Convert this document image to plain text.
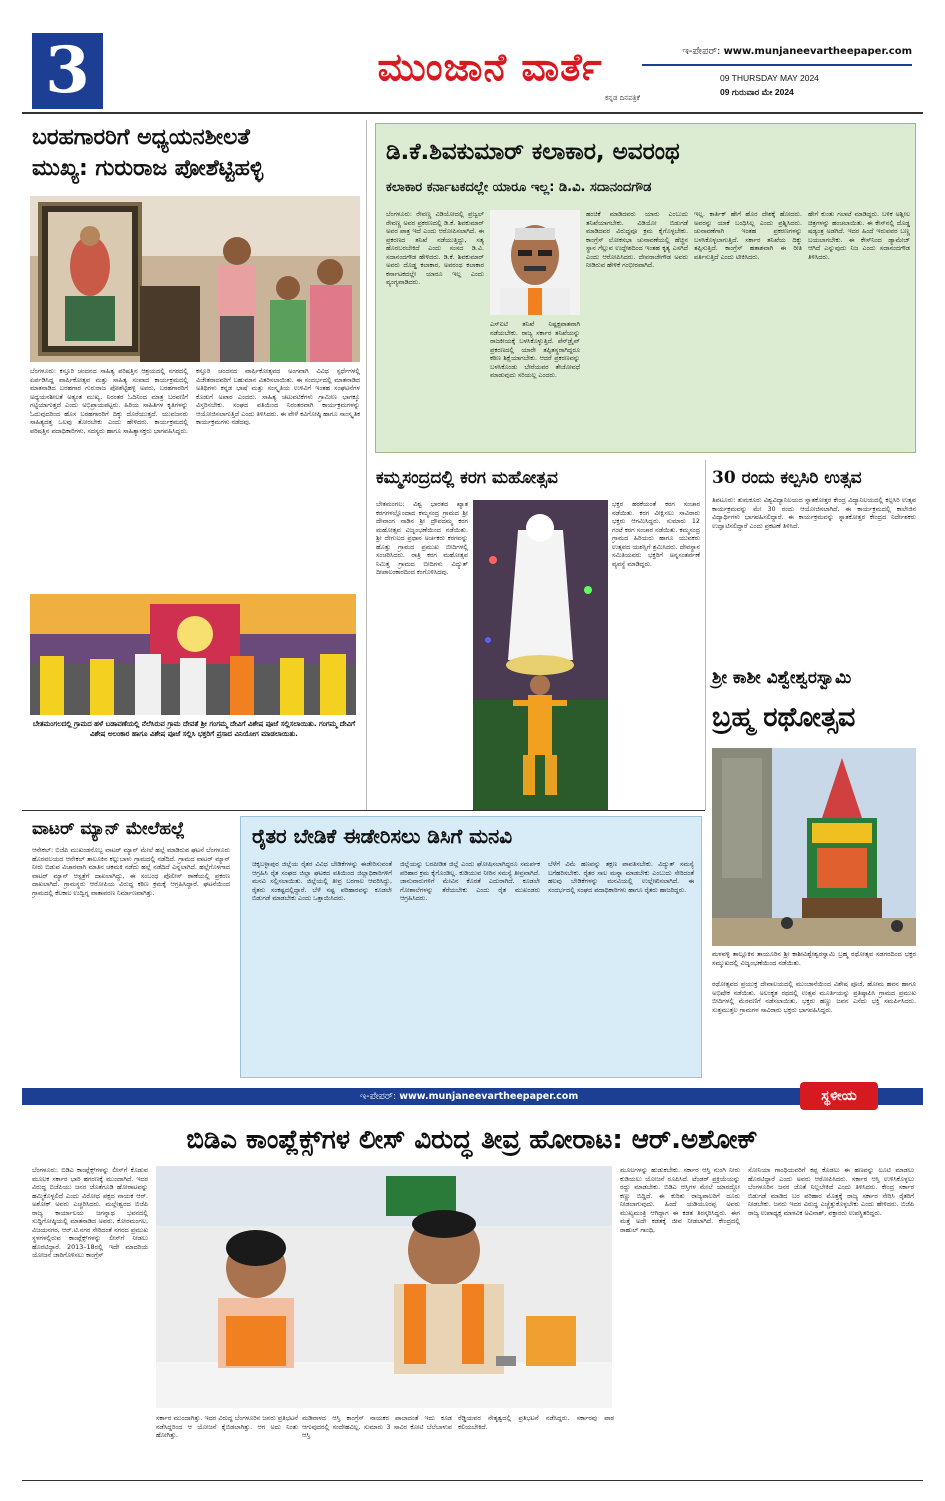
3	ಮುಂಜಾನೆ ವಾರ್ತೆ
ಕನ್ನಡ ದಿನಪತ್ರಿಕೆ
ಇ-ಪೇಪರ್: www.munjaneevartheepaper.com
09 THURSDAY MAY 2024
09 ಗುರುವಾರ ಮೇ 2024
ಬರಹಗಾರರಿಗೆ ಅಧ್ಯಯನಶೀಲತೆ
ಮುಖ್ಯ: ಗುರುರಾಜ ಪೋಶೆಟ್ಟಿಹಳ್ಳಿ
ಬೆಂಗಳೂರು: ಕಸ್ತೂರಿ ಚಂದನದ ಸಾಹಿತ್ಯ ಪರಿಷತ್ತಿನ ಆಶ್ರಯದಲ್ಲಿ ನಗರದಲ್ಲಿ ಏರ್ಪಡಿಸಿದ್ದ ವಾರ್ಷಿಕೋತ್ಸವ ಮತ್ತು ಸಾಹಿತ್ಯ ಸಂವಾದ ಕಾರ್ಯಕ್ರಮದಲ್ಲಿ ಮಾತನಾಡಿದ ಬರಹಗಾರ ಗುರುರಾಜ ಪೋಶೆಟ್ಟಿಹಳ್ಳಿ ಅವರು, ಬರಹಗಾರರಿಗೆ ಅಧ್ಯಯನಶೀಲತೆ ಅತ್ಯಂತ ಮುಖ್ಯ. ನಿರಂತರ ಓದಿನಿಂದ ಮಾತ್ರ ಬರವಣಿಗೆ ಗಟ್ಟಿಯಾಗುತ್ತದೆ ಎಂದು ಅಭಿಪ್ರಾಯಪಟ್ಟರು. ಹಿರಿಯ ಸಾಹಿತಿಗಳ ಕೃತಿಗಳನ್ನು ಓದುವುದರಿಂದ ಹೊಸ ಬರಹಗಾರರಿಗೆ ದಿಕ್ಕು ದೊರೆಯುತ್ತದೆ. ಯುವಜನರು ಸಾಹಿತ್ಯದತ್ತ ಒಲವು ತೋರಬೇಕು ಎಂದು ಹೇಳಿದರು. ಕಾರ್ಯಕ್ರಮದಲ್ಲಿ ಪರಿಷತ್ತಿನ ಪದಾಧಿಕಾರಿಗಳು, ಸದಸ್ಯರು ಹಾಗೂ ಸಾಹಿತ್ಯಾಸಕ್ತರು ಭಾಗವಹಿಸಿದ್ದರು.
ಕಸ್ತೂರಿ ಚಂದನದ ವಾರ್ಷಿಕೋತ್ಸವದ ಅಂಗವಾಗಿ ವಿವಿಧ ಸ್ಪರ್ಧೆಗಳಲ್ಲಿ ವಿಜೇತರಾದವರಿಗೆ ಬಹುಮಾನ ವಿತರಿಸಲಾಯಿತು. ಈ ಸಂದರ್ಭದಲ್ಲಿ ಮಾತನಾಡಿದ ಅತಿಥಿಗಳು ಕನ್ನಡ ಭಾಷೆ ಮತ್ತು ಸಂಸ್ಕೃತಿಯ ಉಳಿವಿಗೆ ಇಂತಹ ಸಂಘಟನೆಗಳ ಕೊಡುಗೆ ಅಪಾರ ಎಂದರು. ಸಾಹಿತ್ಯ ಚಟುವಟಿಕೆಗಳು ಗ್ರಾಮೀಣ ಭಾಗಕ್ಕೂ ವಿಸ್ತರಿಸಬೇಕು. ಸಂಘದ ವತಿಯಿಂದ ನಿರಂತರವಾಗಿ ಕಾರ್ಯಕ್ರಮಗಳನ್ನು ಆಯೋಜಿಸಲಾಗುತ್ತಿದೆ ಎಂದು ತಿಳಿಸಿದರು. ಈ ವೇಳೆ ಕವಿಗೋಷ್ಠಿ ಹಾಗೂ ಸಾಂಸ್ಕೃತಿಕ ಕಾರ್ಯಕ್ರಮಗಳು ನಡೆದವು.
ಬೇತಮಂಗಲದಲ್ಲಿ ಗ್ರಾಮದ ಹಳೆ ಬಡಾವಣೆಯಲ್ಲಿ ನೆಲೆಸಿರುವ ಗ್ರಾಮ ದೇವತೆ ಶ್ರೀ ಗಂಗಮ್ಮ ದೇವಿಗೆ ವಿಶೇಷ ಪೂಜೆ ಸಲ್ಲಿಸಲಾಯಿತು. ಗಂಗಮ್ಮ ದೇವಿಗೆ ವಿಶೇಷ ಅಲಂಕಾರ ಹಾಗೂ ವಿಶೇಷ ಪೂಜೆ ಸಲ್ಲಿಸಿ ಭಕ್ತರಿಗೆ ಪ್ರಸಾದ ವಿನಿಯೋಗ ಮಾಡಲಾಯಿತು.
ಡಿ.ಕೆ.ಶಿವಕುಮಾರ್ ಕಲಾಕಾರ, ಅವರಂಥ
ಕಲಾಕಾರ ಕರ್ನಾಟಕದಲ್ಲೇ ಯಾರೂ ಇಲ್ಲ: ಡಿ.ವಿ. ಸದಾನಂದಗೌಡ
ಬೆಂಗಳೂರು: ರೇವಣ್ಣ ವಿಡಿಯೋದಲ್ಲಿ ಪ್ರಜ್ವಲ್ ರೇವಣ್ಣ ಅವರ ಪ್ರಕರಣದಲ್ಲಿ ಡಿ.ಕೆ. ಶಿವಕುಮಾರ್ ಅವರ ಪಾತ್ರ ಇದೆ ಎಂದು ಆರೋಪಿಸಲಾಗಿದೆ. ಈ ಪ್ರಕರಣದ ತನಿಖೆ ನಡೆಯುತ್ತಿದ್ದು, ಸತ್ಯ ಹೊರಬರಬೇಕಿದೆ ಎಂದು ಸಂಸದ ಡಿ.ವಿ. ಸದಾನಂದಗೌಡ ಹೇಳಿದರು. ಡಿ.ಕೆ. ಶಿವಕುಮಾರ್ ಅವರು ದೊಡ್ಡ ಕಲಾಕಾರ, ಅವರಂಥ ಕಲಾಕಾರ ಕರ್ನಾಟಕದಲ್ಲೇ ಯಾರೂ ಇಲ್ಲ ಎಂದು ವ್ಯಂಗ್ಯವಾಡಿದರು.
ಎಸ್‌ಐಟಿ ತನಿಖೆ ನಿಷ್ಪಕ್ಷಪಾತವಾಗಿ ನಡೆಯಬೇಕು. ರಾಜ್ಯ ಸರ್ಕಾರ ತನಿಖೆಯನ್ನು ರಾಜಕೀಯಕ್ಕೆ ಬಳಸಿಕೊಳ್ಳುತ್ತಿದೆ. ಪೆನ್‌ಡ್ರೈವ್ ಪ್ರಕರಣದಲ್ಲಿ ಯಾರೇ ತಪ್ಪಿತಸ್ಥರಾಗಿದ್ದರೂ ಕಠಿಣ ಶಿಕ್ಷೆಯಾಗಬೇಕು. ಆದರೆ ಪ್ರಕರಣವನ್ನು ಬಳಸಿಕೊಂಡು ಬೇರೆಯವರ ತೇಜೋವಧೆ ಮಾಡುವುದು ಸರಿಯಲ್ಲ ಎಂದರು.
ಹಂಚಿಕೆ ಮಾಡಿದವರು ಯಾರು ಎಂಬುದು ತನಿಖೆಯಾಗಬೇಕು. ವಿಡಿಯೋ ಬಿಡುಗಡೆ ಮಾಡಿದವರ ವಿರುದ್ಧವೂ ಕ್ರಮ ಕೈಗೊಳ್ಳಬೇಕು. ಕಾಂಗ್ರೆಸ್ ಲೋಕಸಭಾ ಚುನಾವಣೆಯಲ್ಲಿ ಹೆಚ್ಚಿನ ಸ್ಥಾನ ಗೆಲ್ಲುವ ಉದ್ದೇಶದಿಂದ ಇಂತಹ ಕೃತ್ಯ ಎಸಗಿದೆ ಎಂದು ಆರೋಪಿಸಿದರು. ದೇವರಾಜೇಗೌಡ ಅವರು ನೀಡಿರುವ ಹೇಳಿಕೆ ಗಂಭೀರವಾಗಿದೆ.
ಇಲ್ಲ. ಕಾರ್ತಿಕ್ ಹೇಗೆ ಹೊರ ದೇಶಕ್ಕೆ ಹೋದರು. ಅವರನ್ನು ಯಾಕೆ ಬಂಧಿಸಿಲ್ಲ ಎಂದು ಪ್ರಶ್ನಿಸಿದರು. ಚುನಾವಣೆಗಾಗಿ ಇಂತಹ ಪ್ರಕರಣಗಳನ್ನು ಬಳಸಿಕೊಳ್ಳಲಾಗುತ್ತಿದೆ. ಸರ್ಕಾರ ತನಿಖೆಯ ದಿಕ್ಕು ತಪ್ಪಿಸುತ್ತಿದೆ. ಕಾಂಗ್ರೆಸ್ ಹತಾಶವಾಗಿ ಈ ರೀತಿ ವರ್ತಿಸುತ್ತಿದೆ ಎಂದು ಟೀಕಿಸಿದರು.
ಹೇಗೆ ಕುಂತು ಗಲಾಟೆ ಮಾಡಿದ್ದರು. ಬಳಿಕ ಅಶ್ಲೀಲ ಚಿತ್ರಗಳನ್ನು ಹಂಚಲಾಯಿತು. ಈ ಕೇಸ್‌ನಲ್ಲಿ ದೊಡ್ಡ ಷಡ್ಯಂತ್ರ ಅಡಗಿದೆ. ಇದರ ಹಿಂದೆ ಇರುವವರ ಬಣ್ಣ ಬಯಲಾಗಬೇಕು. ಈ ಕೇಸ್‌ನಿಂದ ಡ್ಯಾಮೇಜ್ ಆಗಿದೆ ಎನ್ನುವುದು ನಿಜ ಎಂದು ಸದಾನಂದಗೌಡ ತಿಳಿಸಿದರು.
ಕಮ್ಮಸಂದ್ರದಲ್ಲಿ ಕರಗ ಮಹೋತ್ಸವ
ಬೇತಮಂಗಲ: ವಿಶ್ವ ಭಾರತದ ಖ್ಯಾತ ಕರಗಗಳಲ್ಲೊಂದಾದ ಕಮ್ಮಸಂದ್ರ ಗ್ರಾಮದ ಶ್ರೀ ದೇವಾಂಗ ನಾಡಿನ ಶ್ರೀ ದ್ರೌಪದಮ್ಮ ಕರಗ ಮಹೋತ್ಸವ ವಿಜೃಂಭಣೆಯಿಂದ ನಡೆಯಿತು. ಶ್ರೀ ದೇಗುಲದ ಪ್ರಧಾನ ಅರ್ಚಕರು ಕರಗವನ್ನು ಹೊತ್ತು ಗ್ರಾಮದ ಪ್ರಮುಖ ಬೀದಿಗಳಲ್ಲಿ ಸಂಚರಿಸಿದರು. ರಾತ್ರಿ ಕರಗ ಮಹೋತ್ಸವ ನಿಮಿತ್ತ ಗ್ರಾಮದ ಬೀದಿಗಳು ವಿದ್ಯುತ್ ದೀಪಾಲಂಕಾರದಿಂದ ಕಂಗೊಳಿಸಿದವು.
ಭಕ್ತರ ಹರಕೆಯಂತೆ ಕರಗ ಸಂಚಾರ ನಡೆಯಿತು. ಕರಗ ವೀಕ್ಷಿಸಲು ಸಾವಿರಾರು ಭಕ್ತರು ಆಗಮಿಸಿದ್ದರು. ಸುಮಾರು 12 ಗಂಟೆ ಕರಗ ಸಂಚಾರ ನಡೆಯಿತು. ಕಮ್ಮಸಂದ್ರ ಗ್ರಾಮದ ಹಿರಿಯರು ಹಾಗೂ ಯುವಕರು ಉತ್ಸವದ ಯಶಸ್ಸಿಗೆ ಶ್ರಮಿಸಿದರು. ದೇವಸ್ಥಾನ ಸಮಿತಿಯವರು ಭಕ್ತರಿಗೆ ಅನ್ನಸಂತರ್ಪಣೆ ವ್ಯವಸ್ಥೆ ಮಾಡಿದ್ದರು.
30 ರಂದು ಕಲ್ಪಸಿರಿ ಉತ್ಸವ
ತಿಪಟೂರು: ತುಮಕೂರು ವಿಶ್ವವಿದ್ಯಾನಿಲಯದ ಸ್ನಾತಕೋತ್ತರ ಕೇಂದ್ರ ವಿದ್ಯಾನಿಲಯದಲ್ಲಿ ಕಲ್ಪಸಿರಿ ಉತ್ಸವ ಕಾರ್ಯಕ್ರಮವನ್ನು ಮೇ 30 ರಂದು ಆಯೋಜಿಸಲಾಗಿದೆ. ಈ ಕಾರ್ಯಕ್ರಮದಲ್ಲಿ ಕಾಲೇಜಿನ ವಿದ್ಯಾರ್ಥಿಗಳು ಭಾಗವಹಿಸಲಿದ್ದಾರೆ. ಈ ಕಾರ್ಯಕ್ರಮವನ್ನು ಸ್ನಾತಕೋತ್ತರ ಕೇಂದ್ರದ ನಿರ್ದೇಶಕರು ಉದ್ಘಾಟಿಸಲಿದ್ದಾರೆ ಎಂದು ಪ್ರಕಟಣೆ ತಿಳಿಸಿದೆ.
ಶ್ರೀ ಕಾಶೀ ವಿಶ್ವೇಶ್ವರಸ್ವಾಮಿ
ಬ್ರಹ್ಮ ರಥೋತ್ಸವ
ಮಳವಳ್ಳಿ ತಾಲ್ಲೂಕಿನ ತಾಯೂರಿನ ಶ್ರೀ ಕಾಶೀವಿಶ್ವೇಶ್ವರಸ್ವಾಮಿ ಬ್ರಹ್ಮ ರಥೋತ್ಸವ ಸಡಗರದಿಂದ ಭಕ್ತರ ಸಮ್ಮುಖದಲ್ಲಿ ವಿಜೃಂಭಣೆಯಿಂದ ನಡೆಯಿತು.
ರಥೋತ್ಸವದ ಪ್ರಯುಕ್ತ ದೇವಾಲಯದಲ್ಲಿ ಮುಂಜಾನೆಯಿಂದ ವಿಶೇಷ ಪೂಜೆ, ಹೋಮ ಹವನ ಹಾಗೂ ಅಭಿಷೇಕ ನಡೆಯಿತು. ಅಲಂಕೃತ ರಥದಲ್ಲಿ ಉತ್ಸವ ಮೂರ್ತಿಯನ್ನು ಪ್ರತಿಷ್ಠಾಪಿಸಿ ಗ್ರಾಮದ ಪ್ರಮುಖ ಬೀದಿಗಳಲ್ಲಿ ಮೆರವಣಿಗೆ ನಡೆಸಲಾಯಿತು. ಭಕ್ತರು ಹಣ್ಣು ಜವನ ಎಸೆದು ಭಕ್ತಿ ಸಮರ್ಪಿಸಿದರು. ಸುತ್ತಮುತ್ತಲ ಗ್ರಾಮಗಳ ಸಾವಿರಾರು ಭಕ್ತರು ಭಾಗವಹಿಸಿದ್ದರು.
ವಾಟರ್ ಮ್ಯಾನ್ ಮೇಲೆಹಲ್ಲೆ
ಆನೇಕಲ್: ಬಿಜೆಪಿ ಮುಖಂಡನೊಬ್ಬ ವಾಟರ್ ಮ್ಯಾನ್ ಮೇಲೆ ಹಲ್ಲೆ ಮಾಡಿರುವ ಘಟನೆ ಬೆಂಗಳೂರು ಹೊರವಲಯದ ಆನೇಕಲ್ ತಾಲೂಕಿನ ಕಲ್ಲುಬಾಳು ಗ್ರಾಮದಲ್ಲಿ ನಡೆದಿದೆ. ಗ್ರಾಮದ ವಾಟರ್ ಮ್ಯಾನ್ ನೀರು ಬಿಡುವ ವಿಚಾರವಾಗಿ ಮಾತಿನ ಚಕಮಕಿ ನಡೆದು ಹಲ್ಲೆ ನಡೆದಿದೆ ಎನ್ನಲಾಗಿದೆ. ಹಲ್ಲೆಗೊಳಗಾದ ವಾಟರ್ ಮ್ಯಾನ್ ಆಸ್ಪತ್ರೆಗೆ ದಾಖಲಾಗಿದ್ದು, ಈ ಸಂಬಂಧ ಪೊಲೀಸ್ ಠಾಣೆಯಲ್ಲಿ ಪ್ರಕರಣ ದಾಖಲಾಗಿದೆ. ಗ್ರಾಮಸ್ಥರು ಆರೋಪಿಯ ವಿರುದ್ಧ ಕಠಿಣ ಕ್ರಮಕ್ಕೆ ಆಗ್ರಹಿಸಿದ್ದಾರೆ. ಘಟನೆಯಿಂದ ಗ್ರಾಮದಲ್ಲಿ ಕೆಲಕಾಲ ಉದ್ವಿಗ್ನ ವಾತಾವರಣ ನಿರ್ಮಾಣವಾಗಿತ್ತು.
ರೈತರ ಬೇಡಿಕೆ ಈಡೇರಿಸಲು ಡಿಸಿಗೆ ಮನವಿ
ಚಿಕ್ಕಬಳ್ಳಾಪುರ ಜಿಲ್ಲೆಯ ರೈತರ ವಿವಿಧ ಬೇಡಿಕೆಗಳನ್ನು ಈಡೇರಿಸುವಂತೆ ಆಗ್ರಹಿಸಿ ರೈತ ಸಂಘದ ಜಿಲ್ಲಾ ಘಟಕದ ವತಿಯಿಂದ ಜಿಲ್ಲಾಧಿಕಾರಿಗಳಿಗೆ ಮನವಿ ಸಲ್ಲಿಸಲಾಯಿತು. ಜಿಲ್ಲೆಯಲ್ಲಿ ತೀವ್ರ ಬರಗಾಲ ಆವರಿಸಿದ್ದು, ರೈತರು ಸಂಕಷ್ಟದಲ್ಲಿದ್ದಾರೆ. ಬೆಳೆ ನಷ್ಟ ಪರಿಹಾರವನ್ನು ಕೂಡಲೇ ಬಿಡುಗಡೆ ಮಾಡಬೇಕು ಎಂದು ಒತ್ತಾಯಿಸಿದರು.
ಜಿಲ್ಲೆಯನ್ನು ಬರಪೀಡಿತ ಜಿಲ್ಲೆ ಎಂದು ಘೋಷಿಸಲಾಗಿದ್ದರೂ ಸಮರ್ಪಕ ಪರಿಹಾರ ಕ್ರಮ ಕೈಗೊಂಡಿಲ್ಲ. ಕುಡಿಯುವ ನೀರಿನ ಸಮಸ್ಯೆ ತೀವ್ರವಾಗಿದೆ. ಜಾನುವಾರುಗಳಿಗೆ ಮೇವಿನ ಕೊರತೆ ಎದುರಾಗಿದೆ. ಕೂಡಲೇ ಗೋಶಾಲೆಗಳನ್ನು ತೆರೆಯಬೇಕು ಎಂದು ರೈತ ಮುಖಂಡರು ಆಗ್ರಹಿಸಿದರು.
ಬೆಳೆಗೆ ವಿಮೆ ಹಣವನ್ನು ತಕ್ಷಣ ಪಾವತಿಸಬೇಕು. ವಿದ್ಯುತ್ ಸಮಸ್ಯೆ ಬಗೆಹರಿಸಬೇಕು. ರೈತರ ಸಾಲ ಮನ್ನಾ ಮಾಡಬೇಕು ಎಂಬುದು ಸೇರಿದಂತೆ ಹಲವು ಬೇಡಿಕೆಗಳನ್ನು ಮನವಿಯಲ್ಲಿ ಉಲ್ಲೇಖಿಸಲಾಗಿದೆ. ಈ ಸಂದರ್ಭದಲ್ಲಿ ಸಂಘದ ಪದಾಧಿಕಾರಿಗಳು ಹಾಗೂ ರೈತರು ಹಾಜರಿದ್ದರು.
ಇ-ಪೇಪರ್: www.munjaneevartheepaper.com	ಸ್ಥಳೀಯ
ಬಿಡಿಎ ಕಾಂಪ್ಲೆಕ್ಸ್‌ಗಳ ಲೀಸ್ ವಿರುದ್ಧ ತೀವ್ರ ಹೋರಾಟ: ಆರ್.ಅಶೋಕ್
ಬೆಂಗಳೂರು: ಬಿಡಿಎ ಕಾಂಪ್ಲೆಕ್ಸ್‌ಗಳನ್ನು ಲೀಸ್‌ಗೆ ಕೊಡುವ ಮೂಲಕ ಸರ್ಕಾರ ಭಾರಿ ಹಗರಣಕ್ಕೆ ಮುಂದಾಗಿದೆ. ಇದರ ವಿರುದ್ಧ ಬಿಜೆಪಿಯು ಜನರ ಜೊತೆಗೂಡಿ ಹೋರಾಟವನ್ನು ಹಮ್ಮಿಕೊಳ್ಳಲಿದೆ ಎಂದು ವಿರೋಧ ಪಕ್ಷದ ನಾಯಕ ಆರ್. ಅಶೋಕ್ ಅವರು ಎಚ್ಚರಿಸಿದರು. ಮಲ್ಲೇಶ್ವರದ ಬಿಜೆಪಿ ರಾಜ್ಯ ಕಾರ್ಯಾಲಯ ಜಗನ್ನಾಥ ಭವನದಲ್ಲಿ ಸುದ್ದಿಗೋಷ್ಠಿಯಲ್ಲಿ ಮಾತನಾಡಿದ ಅವರು, ಕೋರಮಂಗಲ, ವಿಜಯನಗರ, ಆರ್.ಟಿ.ನಗರ ಸೇರಿದಂತೆ ನಗರದ ಪ್ರಮುಖ ಸ್ಥಳಗಳಲ್ಲಿರುವ ಕಾಂಪ್ಲೆಕ್ಸ್‌ಗಳನ್ನು ಲೀಸ್‌ಗೆ ನೀಡಲು ಹೊರಟಿದ್ದಾರೆ. 2013–18ರಲ್ಲಿ ಇದೇ ಮಾದರಿಯ ಯೋಜನೆ ಜಾರಿಗೊಳಿಸಲು ಕಾಂಗ್ರೆಸ್
ಸರ್ಕಾರ ಮುಂದಾಗಿತ್ತು. ಇದರ ವಿರುದ್ಧ ಬೆಂಗಳೂರಿನ ಜನರು ಪ್ರತಿಭಟನೆ ನಡೆಸಿದ್ದರಿಂದ ಆ ಯೋಜನೆ ಕೈಬಿಡಲಾಗಿತ್ತು. ಆಗ ಅದು ನಿಂತು ಹೋಗಿತ್ತು.
ಮಡಿವಾಳದ ಆಸ್ತಿ ಕಾಂಗ್ರೆಸ್ ನಾಯಕರ ಪಾಲಾದಂತೆ ಇದು ಕೂಡ ಆಗುವುದರಲ್ಲಿ ಸಂದೇಹವಿಲ್ಲ. ಸುಮಾರು 3 ಸಾವಿರ ಕೋಟಿ ಬೆಲೆಬಾಳುವ ಆಸ್ತಿ
ರೆಡ್ಡಿಯವರ ನೇತೃತ್ವದಲ್ಲಿ ಪ್ರತಿಭಟನೆ ನಡೆಸಿದ್ದರು. ಸರ್ಕಾರವು ಪಾಠ ಕಲಿಯಬೇಕಿದೆ.
ಮೂಲಗಳನ್ನು ಹುಡುಕಬೇಕು. ಸರ್ಕಾರ ಆಸ್ತಿ ನುಂಗಿ ನೀರು ಕುಡಿಯಲು ಯೋಜನೆ ರೂಪಿಸಿದೆ. ಟೆಂಡರ್ ಪ್ರಕ್ರಿಯೆಯನ್ನು ರದ್ದು ಮಾಡಬೇಕು. ಬಿಡಿಎ ಆಸ್ತಿಗಳ ಮೇಲೆ ಯಾರದ್ದೋ ಕಣ್ಣು ಬಿದ್ದಿದೆ. ಈ ಕುರಿತು ರಾಜ್ಯಪಾಲರಿಗೆ ದೂರು ನೀಡಲಾಗುವುದು. ಹಿಂದೆ ಯಡಿಯೂರಪ್ಪ ಅವರು ಮುಖ್ಯಮಂತ್ರಿ ಆಗಿದ್ದಾಗ ಈ ಕಡತ ತಿರಸ್ಕರಿಸಿದ್ದರು. ಈಗ ಮತ್ತೆ ಅದೇ ಕಡತಕ್ಕೆ ಜೀವ ನೀಡಲಾಗಿದೆ. ಕೇಂದ್ರದಲ್ಲಿ ರಾಹುಲ್ ಗಾಂಧಿ,
ಸೋನಿಯಾ ಗಾಂಧಿಯವರಿಗೆ ಕಪ್ಪ ಕೊಡಲು ಈ ಹಣವನ್ನು ಲೂಟಿ ಮಾಡಲು ಹೊರಟಿದ್ದಾರೆ ಎಂದು ಅವರು ಆರೋಪಿಸಿದರು. ಸರ್ಕಾರ ಆಸ್ತಿ ಉಳಿಸಿಕೊಳ್ಳಲು ಬೆಂಗಳೂರಿನ ಜನರ ಜೊತೆ ನಿಲ್ಲಬೇಕಿದೆ ಎಂದು ತಿಳಿಸಿದರು. ಕೇಂದ್ರ ಸರ್ಕಾರ ಬಿಡುಗಡೆ ಮಾಡಿದ ಬರ ಪರಿಹಾರ ಮೊತ್ತಕ್ಕೆ ರಾಜ್ಯ ಸರ್ಕಾರ ಸೇರಿಸಿ ರೈತರಿಗೆ ನೀಡಬೇಕು. ಜನರು ಇದರ ವಿರುದ್ಧ ಎಚ್ಚೆತ್ತುಕೊಳ್ಳಬೇಕು ಎಂದು ಹೇಳಿದರು. ಬಿಜೆಪಿ ರಾಜ್ಯ ಉಪಾಧ್ಯಕ್ಷ ಮಾಳವಿಕ ಅವಿನಾಶ್, ವಕ್ತಾರರು ಉಪಸ್ಥಿತರಿದ್ದರು.
